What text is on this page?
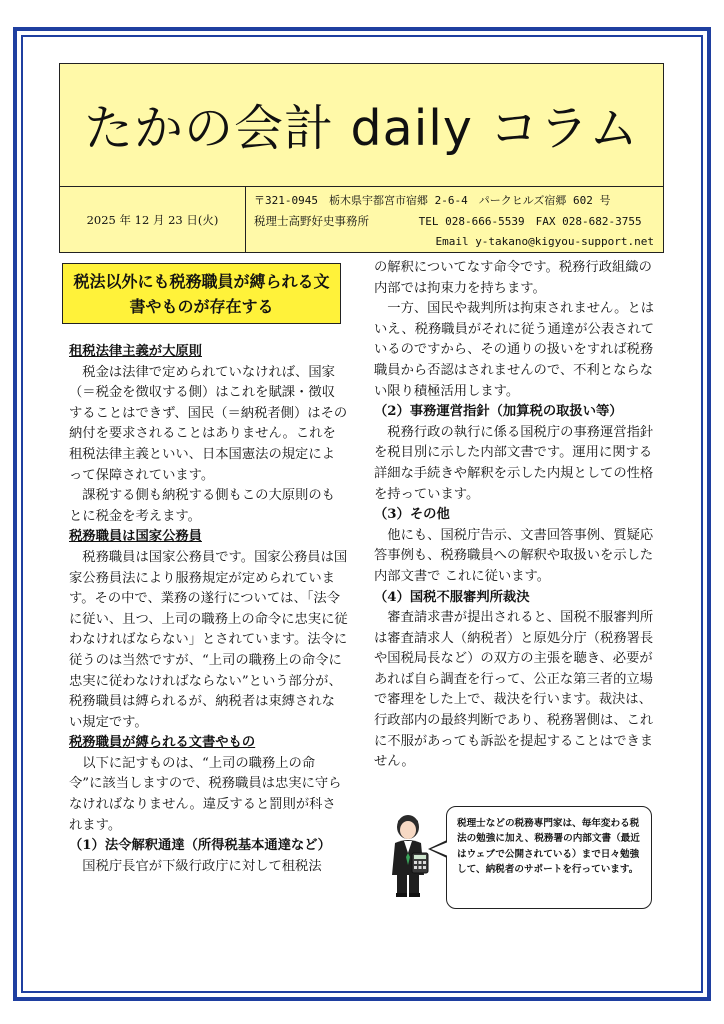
たかの会計 daily コラム
2025 年 12 月 23 日(火)
〒321-0945　栃木県宇都宮市宿郷 2-6-4　パークヒルズ宿郷 602 号
税理士高野好史事務所	TEL 028-666-5539　FAX 028-682-3755
Email y-takano@kigyou-support.net
税法以外にも税務職員が縛られる文書やものが存在する

租税法律主義が大原則

税金は法律で定められていなければ、国家（＝税金を徴収する側）はこれを賦課・徴収することはできず、国民（＝納税者側）はその納付を要求されることはありません。これを租税法律主義といい、日本国憲法の規定によって保障されています。

課税する側も納税する側もこの大原則のもとに税金を考えます。

税務職員は国家公務員

税務職員は国家公務員です。国家公務員は国家公務員法により服務規定が定められています。その中で、業務の遂行については、「法令に従い、且つ、上司の職務上の命令に忠実に従わなければならない」とされています。法令に従うのは当然ですが、“上司の職務上の命令に忠実に従わなければならない”という部分が、税務職員は縛られるが、納税者は束縛されない規定です。

税務職員が縛られる文書やもの

以下に記すものは、“上司の職務上の命令”に該当しますので、税務職員は忠実に守らなければなりません。違反すると罰則が科されます。

（1）法令解釈通達（所得税基本通達など）

国税庁長官が下級行政庁に対して租税法

の解釈についてなす命令です。税務行政組織の内部では拘束力を持ちます。

一方、国民や裁判所は拘束されません。とはいえ、税務職員がそれに従う通達が公表されているのですから、その通りの扱いをすれば税務職員から否認はされませんので、不利とならない限り積極活用します。

（2）事務運営指針（加算税の取扱い等）

税務行政の執行に係る国税庁の事務運営指針を税目別に示した内部文書です。運用に関する詳細な手続きや解釈を示した内規としての性格を持っています。

（3）その他

他にも、国税庁告示、文書回答事例、質疑応答事例も、税務職員への解釈や取扱いを示した内部文書で これに従います。

（4）国税不服審判所裁決

審査請求書が提出されると、国税不服審判所は審査請求人（納税者）と原処分庁（税務署長や国税局長など）の双方の主張を聴き、必要があれば自ら調査を行って、公正な第三者的立場で審理をした上で、裁決を行います。裁決は、行政部内の最終判断であり、税務署側は、これに不服があっても訴訟を提起することはできません。

税理士などの税務専門家は、毎年変わる税法の勉強に加え、税務署の内部文書（最近はウェブで公開されている）まで日々勉強して、納税者のサポートを行っています。
